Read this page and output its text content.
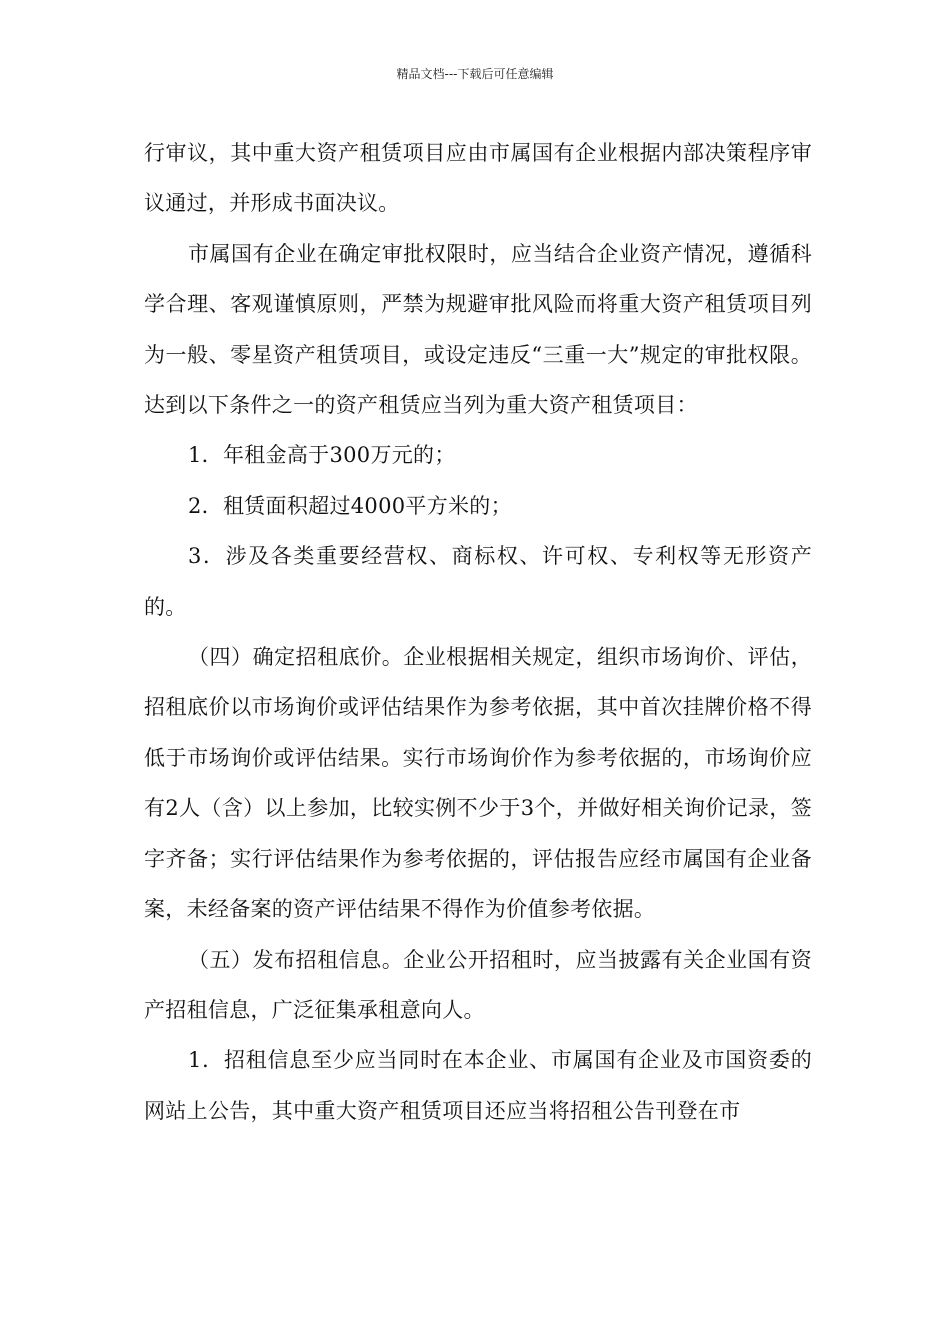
精品文档---下载后可任意编辑

行审议，其中重大资产租赁项目应由市属国有企业根据内部决策程序审议通过，并形成书面决议。

市属国有企业在确定审批权限时，应当结合企业资产情况，遵循科学合理、客观谨慎原则，严禁为规避审批风险而将重大资产租赁项目列为一般、零星资产租赁项目，或设定违反“三重一大”规定的审批权限。达到以下条件之一的资产租赁应当列为重大资产租赁项目：

1．年租金高于300万元的；

2．租赁面积超过4000平方米的；

3．涉及各类重要经营权、商标权、许可权、专利权等无形资产的。

（四）确定招租底价。企业根据相关规定，组织市场询价、评估，招租底价以市场询价或评估结果作为参考依据，其中首次挂牌价格不得低于市场询价或评估结果。实行市场询价作为参考依据的，市场询价应有2人（含）以上参加，比较实例不少于3个，并做好相关询价记录，签字齐备；实行评估结果作为参考依据的，评估报告应经市属国有企业备案，未经备案的资产评估结果不得作为价值参考依据。

（五）发布招租信息。企业公开招租时，应当披露有关企业国有资产招租信息，广泛征集承租意向人。

1．招租信息至少应当同时在本企业、市属国有企业及市国资委的网站上公告，其中重大资产租赁项目还应当将招租公告刊登在市
